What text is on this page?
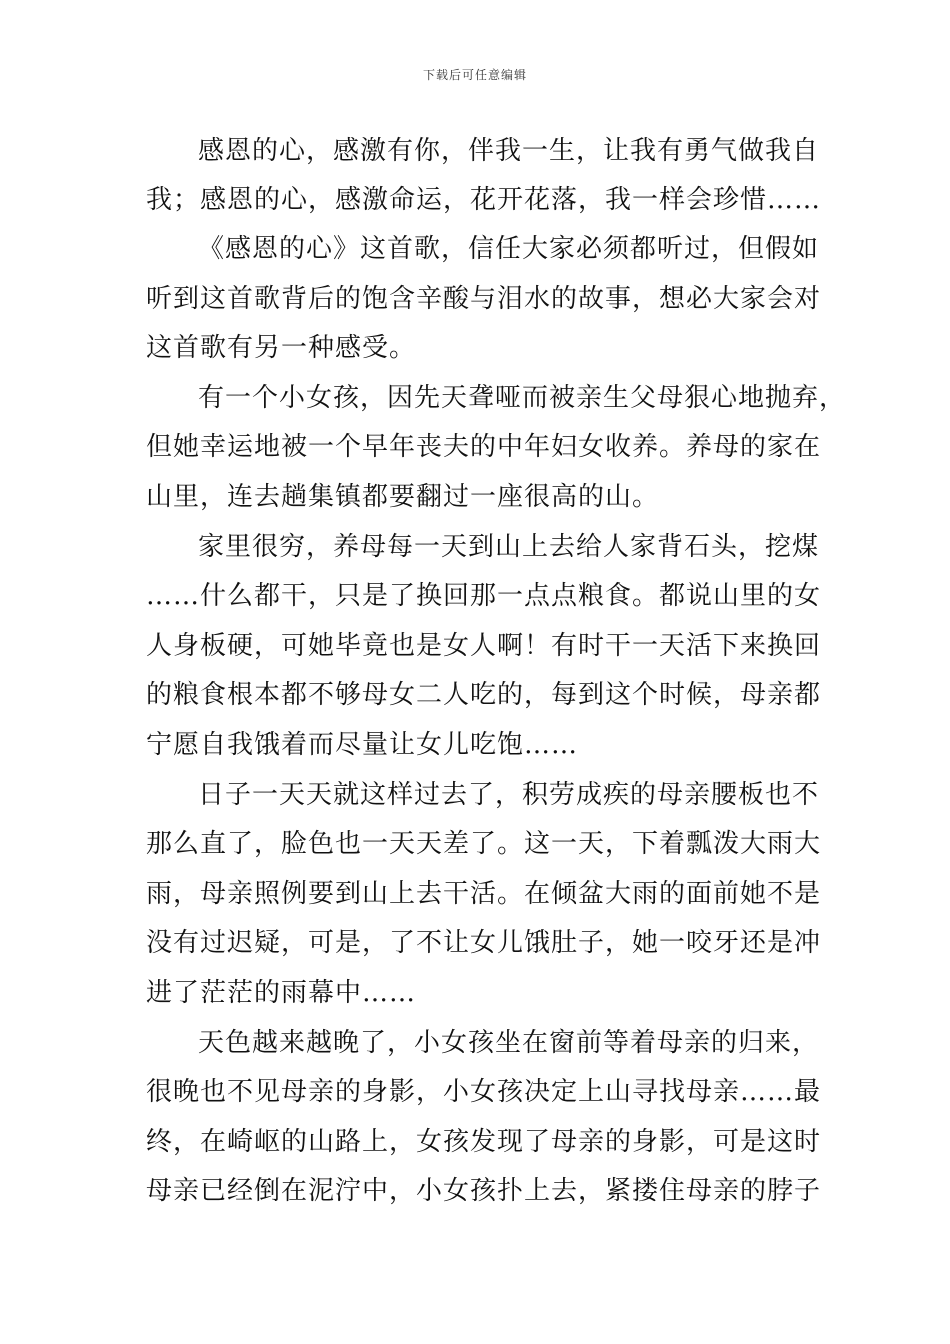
下载后可任意编辑
感恩的心，感激有你，伴我一生，让我有勇气做我自
我；感恩的心，感激命运，花开花落，我一样会珍惜……
《感恩的心》这首歌，信任大家必须都听过，但假如
听到这首歌背后的饱含辛酸与泪水的故事，想必大家会对
这首歌有另一种感受。
有一个小女孩，因先天聋哑而被亲生父母狠心地抛弃，
但她幸运地被一个早年丧夫的中年妇女收养。养母的家在
山里，连去趟集镇都要翻过一座很高的山。
家里很穷，养母每一天到山上去给人家背石头，挖煤
……什么都干，只是了换回那一点点粮食。都说山里的女
人身板硬，可她毕竟也是女人啊！有时干一天活下来换回
的粮食根本都不够母女二人吃的，每到这个时候，母亲都
宁愿自我饿着而尽量让女儿吃饱……
日子一天天就这样过去了，积劳成疾的母亲腰板也不
那么直了，脸色也一天天差了。这一天，下着瓢泼大雨大
雨，母亲照例要到山上去干活。在倾盆大雨的面前她不是
没有过迟疑，可是，了不让女儿饿肚子，她一咬牙还是冲
进了茫茫的雨幕中……
天色越来越晚了，小女孩坐在窗前等着母亲的归来，
很晚也不见母亲的身影，小女孩决定上山寻找母亲……最
终，在崎岖的山路上，女孩发现了母亲的身影，可是这时
母亲已经倒在泥泞中，小女孩扑上去，紧搂住母亲的脖子
